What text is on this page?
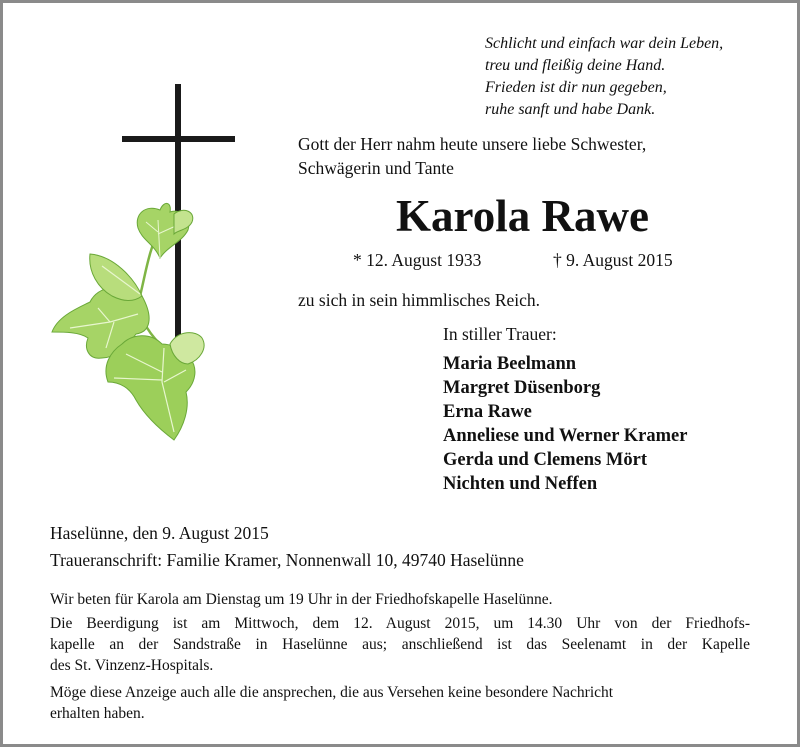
Schlicht und einfach war dein Leben,
treu und fleißig deine Hand.
Frieden ist dir nun gegeben,
ruhe sanft und habe Dank.
Gott der Herr nahm heute unsere liebe Schwester,
Schwägerin und Tante
Karola Rawe
* 12. August 1933	† 9. August 2015
zu sich in sein himmlisches Reich.
In stiller Trauer:
Maria Beelmann
Margret Düsenborg
Erna Rawe
Anneliese und Werner Kramer
Gerda und Clemens Mört
Nichten und Neffen
Haselünne, den 9. August 2015
Traueranschrift: Familie Kramer, Nonnenwall 10, 49740 Haselünne
Wir beten für Karola am Dienstag um 19 Uhr in der Friedhofskapelle Haselünne.
Die Beerdigung ist am Mittwoch, dem 12. August 2015, um 14.30 Uhr von der Friedhofs-
kapelle an der Sandstraße in Haselünne aus; anschließend ist das Seelenamt in der Kapelle
des St. Vinzenz-Hospitals.
Möge diese Anzeige auch alle die ansprechen, die aus Versehen keine besondere Nachricht
erhalten haben.
